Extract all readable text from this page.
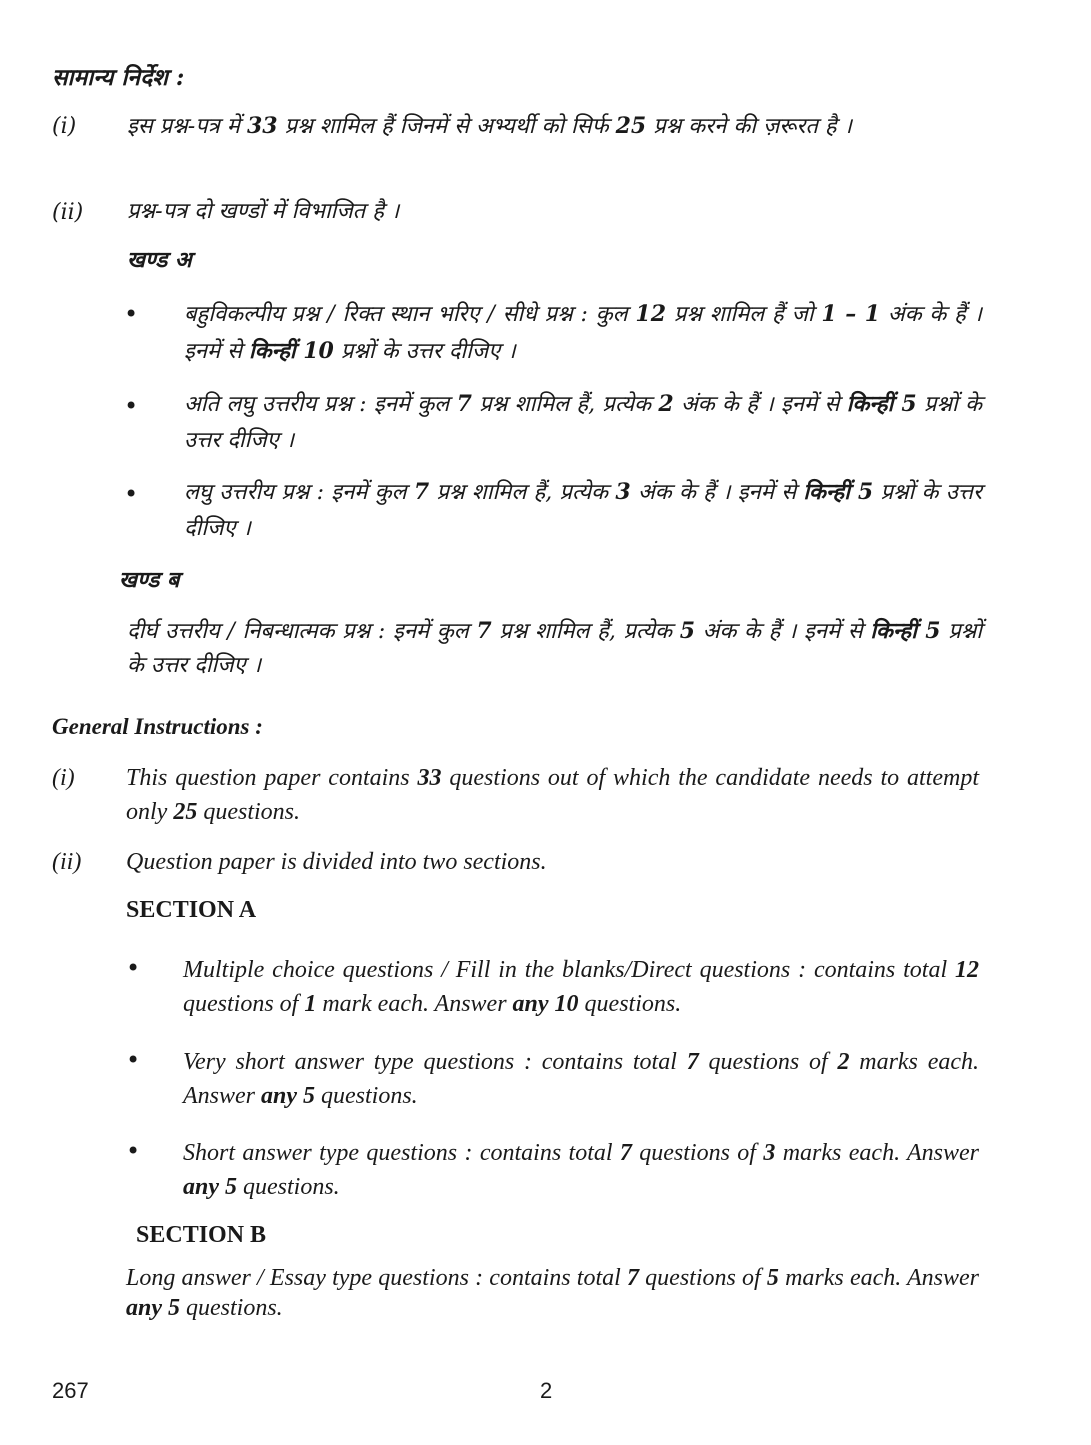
सामान्य निर्देश :
(i) इस प्रश्न-पत्र में 33 प्रश्न शामिल हैं जिनमें से अभ्यर्थी को सिर्फ 25 प्रश्न करने की ज़रूरत है ।
(ii) प्रश्न-पत्र दो खण्डों में विभाजित है ।
खण्ड अ
• बहुविकल्पीय प्रश्न / रिक्त स्थान भरिए / सीधे प्रश्न : कुल 12 प्रश्न शामिल हैं जो 1 – 1 अंक के हैं । इनमें से किन्हीं 10 प्रश्नों के उत्तर दीजिए ।
• अति लघु उत्तरीय प्रश्न : इनमें कुल 7 प्रश्न शामिल हैं, प्रत्येक 2 अंक के हैं । इनमें से किन्हीं 5 प्रश्नों के उत्तर दीजिए ।
• लघु उत्तरीय प्रश्न : इनमें कुल 7 प्रश्न शामिल हैं, प्रत्येक 3 अंक के हैं । इनमें से किन्हीं 5 प्रश्नों के उत्तर दीजिए ।
खण्ड ब
दीर्घ उत्तरीय / निबन्धात्मक प्रश्न : इनमें कुल 7 प्रश्न शामिल हैं, प्रत्येक 5 अंक के हैं । इनमें से किन्हीं 5 प्रश्नों के उत्तर दीजिए ।
General Instructions :
(i) This question paper contains 33 questions out of which the candidate needs to attempt only 25 questions.
(ii) Question paper is divided into two sections.
SECTION A
• Multiple choice questions / Fill in the blanks/Direct questions : contains total 12 questions of 1 mark each. Answer any 10 questions.
• Very short answer type questions : contains total 7 questions of 2 marks each. Answer any 5 questions.
• Short answer type questions : contains total 7 questions of 3 marks each. Answer any 5 questions.
SECTION B
Long answer / Essay type questions : contains total 7 questions of 5 marks each. Answer any 5 questions.
267	2
